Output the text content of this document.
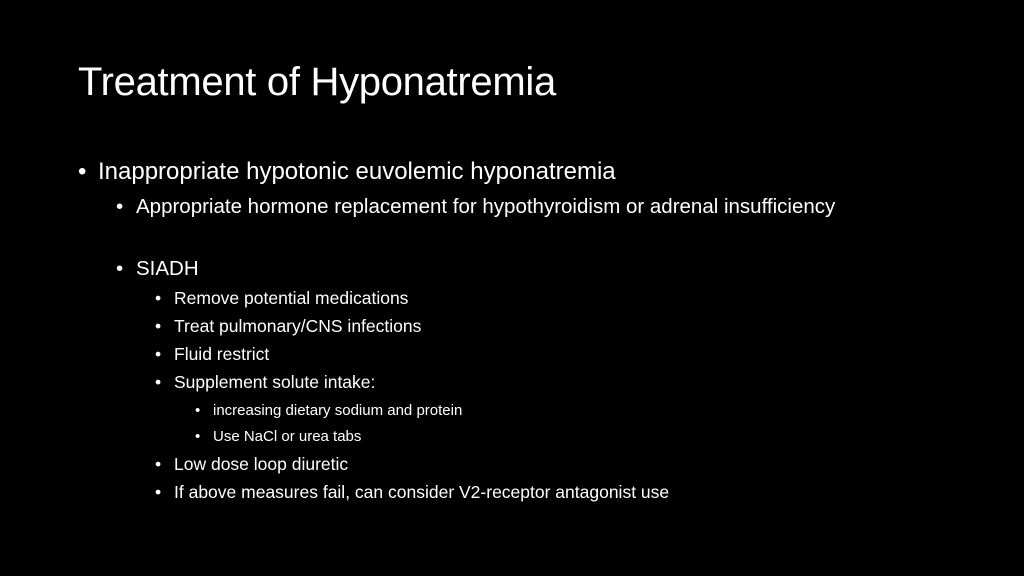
Treatment of Hyponatremia
• Inappropriate hypotonic euvolemic hyponatremia
• Appropriate hormone replacement for hypothyroidism or adrenal insufficiency
• SIADH
• Remove potential medications
• Treat pulmonary/CNS infections
• Fluid restrict
• Supplement solute intake:
• increasing dietary sodium and protein
• Use NaCl or urea tabs
• Low dose loop diuretic
• If above measures fail, can consider V2-receptor antagonist use
